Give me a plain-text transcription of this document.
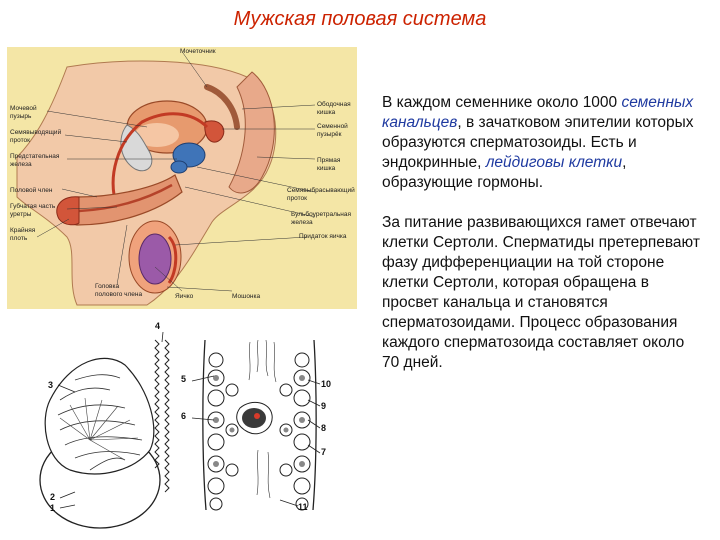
Мужская половая система
Мочеточник
Мочевой
пузырь
Семявыводящий
проток
Предстательная
железа
Половой член
Губчатая часть
уретры
Крайняя
плоть
Ободочная
кишка
Семенной
пузырёк
Прямая кишка
Семявыбрасывающий
проток
Бульбоуретральная
железа
Придаток яичка
Головка
полового члена	Яичко	Мошонка
4
3
5
6
10
9
8
7
2
1	11

В каждом семеннике около 1000 семенных канальцев, в зачатковом эпителии которых образуются сперматозоиды. Есть и эндокринные, лейдиговы клетки, образующие гормоны.

За питание развивающихся гамет отвечают клетки Сертоли. Сперматиды претерпевают фазу дифференциации на той стороне клетки Сертоли, которая обращена в просвет канальца и становятся сперматозоидами. Процесс образования каждого сперматозоида составляет около 70 дней.
